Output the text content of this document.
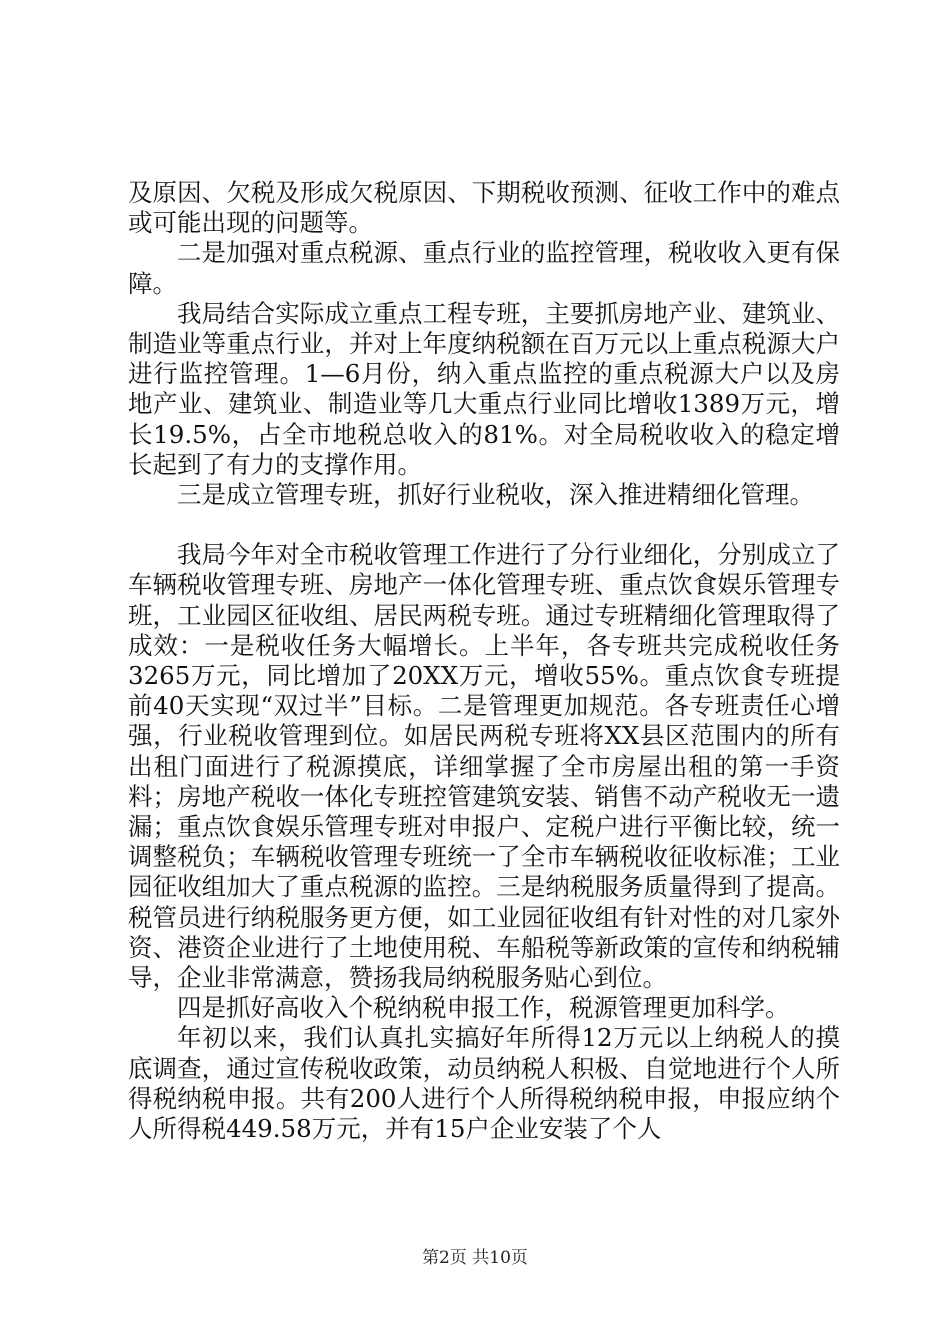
及原因、欠税及形成欠税原因、下期税收预测、征收工作中的难点或可能出现的问题等。

二是加强对重点税源、重点行业的监控管理，税收收入更有保障。

我局结合实际成立重点工程专班，主要抓房地产业、建筑业、制造业等重点行业，并对上年度纳税额在百万元以上重点税源大户进行监控管理。1—6月份，纳入重点监控的重点税源大户以及房地产业、建筑业、制造业等几大重点行业同比增收1389万元，增长19.5%，占全市地税总收入的81%。对全局税收收入的稳定增长起到了有力的支撑作用。

三是成立管理专班，抓好行业税收，深入推进精细化管理。

我局今年对全市税收管理工作进行了分行业细化，分别成立了车辆税收管理专班、房地产一体化管理专班、重点饮食娱乐管理专班，工业园区征收组、居民两税专班。通过专班精细化管理取得了成效：一是税收任务大幅增长。上半年，各专班共完成税收任务3265万元，同比增加了20XX万元，增收55%。重点饮食专班提前40天实现“双过半”目标。二是管理更加规范。各专班责任心增强，行业税收管理到位。如居民两税专班将XX县区范围内的所有出租门面进行了税源摸底，详细掌握了全市房屋出租的第一手资料；房地产税收一体化专班控管建筑安装、销售不动产税收无一遗漏；重点饮食娱乐管理专班对申报户、定税户进行平衡比较，统一调整税负；车辆税收管理专班统一了全市车辆税收征收标准；工业园征收组加大了重点税源的监控。三是纳税服务质量得到了提高。税管员进行纳税服务更方便，如工业园征收组有针对性的对几家外资、港资企业进行了土地使用税、车船税等新政策的宣传和纳税辅导，企业非常满意，赞扬我局纳税服务贴心到位。

四是抓好高收入个税纳税申报工作，税源管理更加科学。

年初以来，我们认真扎实搞好年所得12万元以上纳税人的摸底调查，通过宣传税收政策，动员纳税人积极、自觉地进行个人所得税纳税申报。共有200人进行个人所得税纳税申报，申报应纳个人所得税449.58万元，并有15户企业安装了个人

第2页 共10页
